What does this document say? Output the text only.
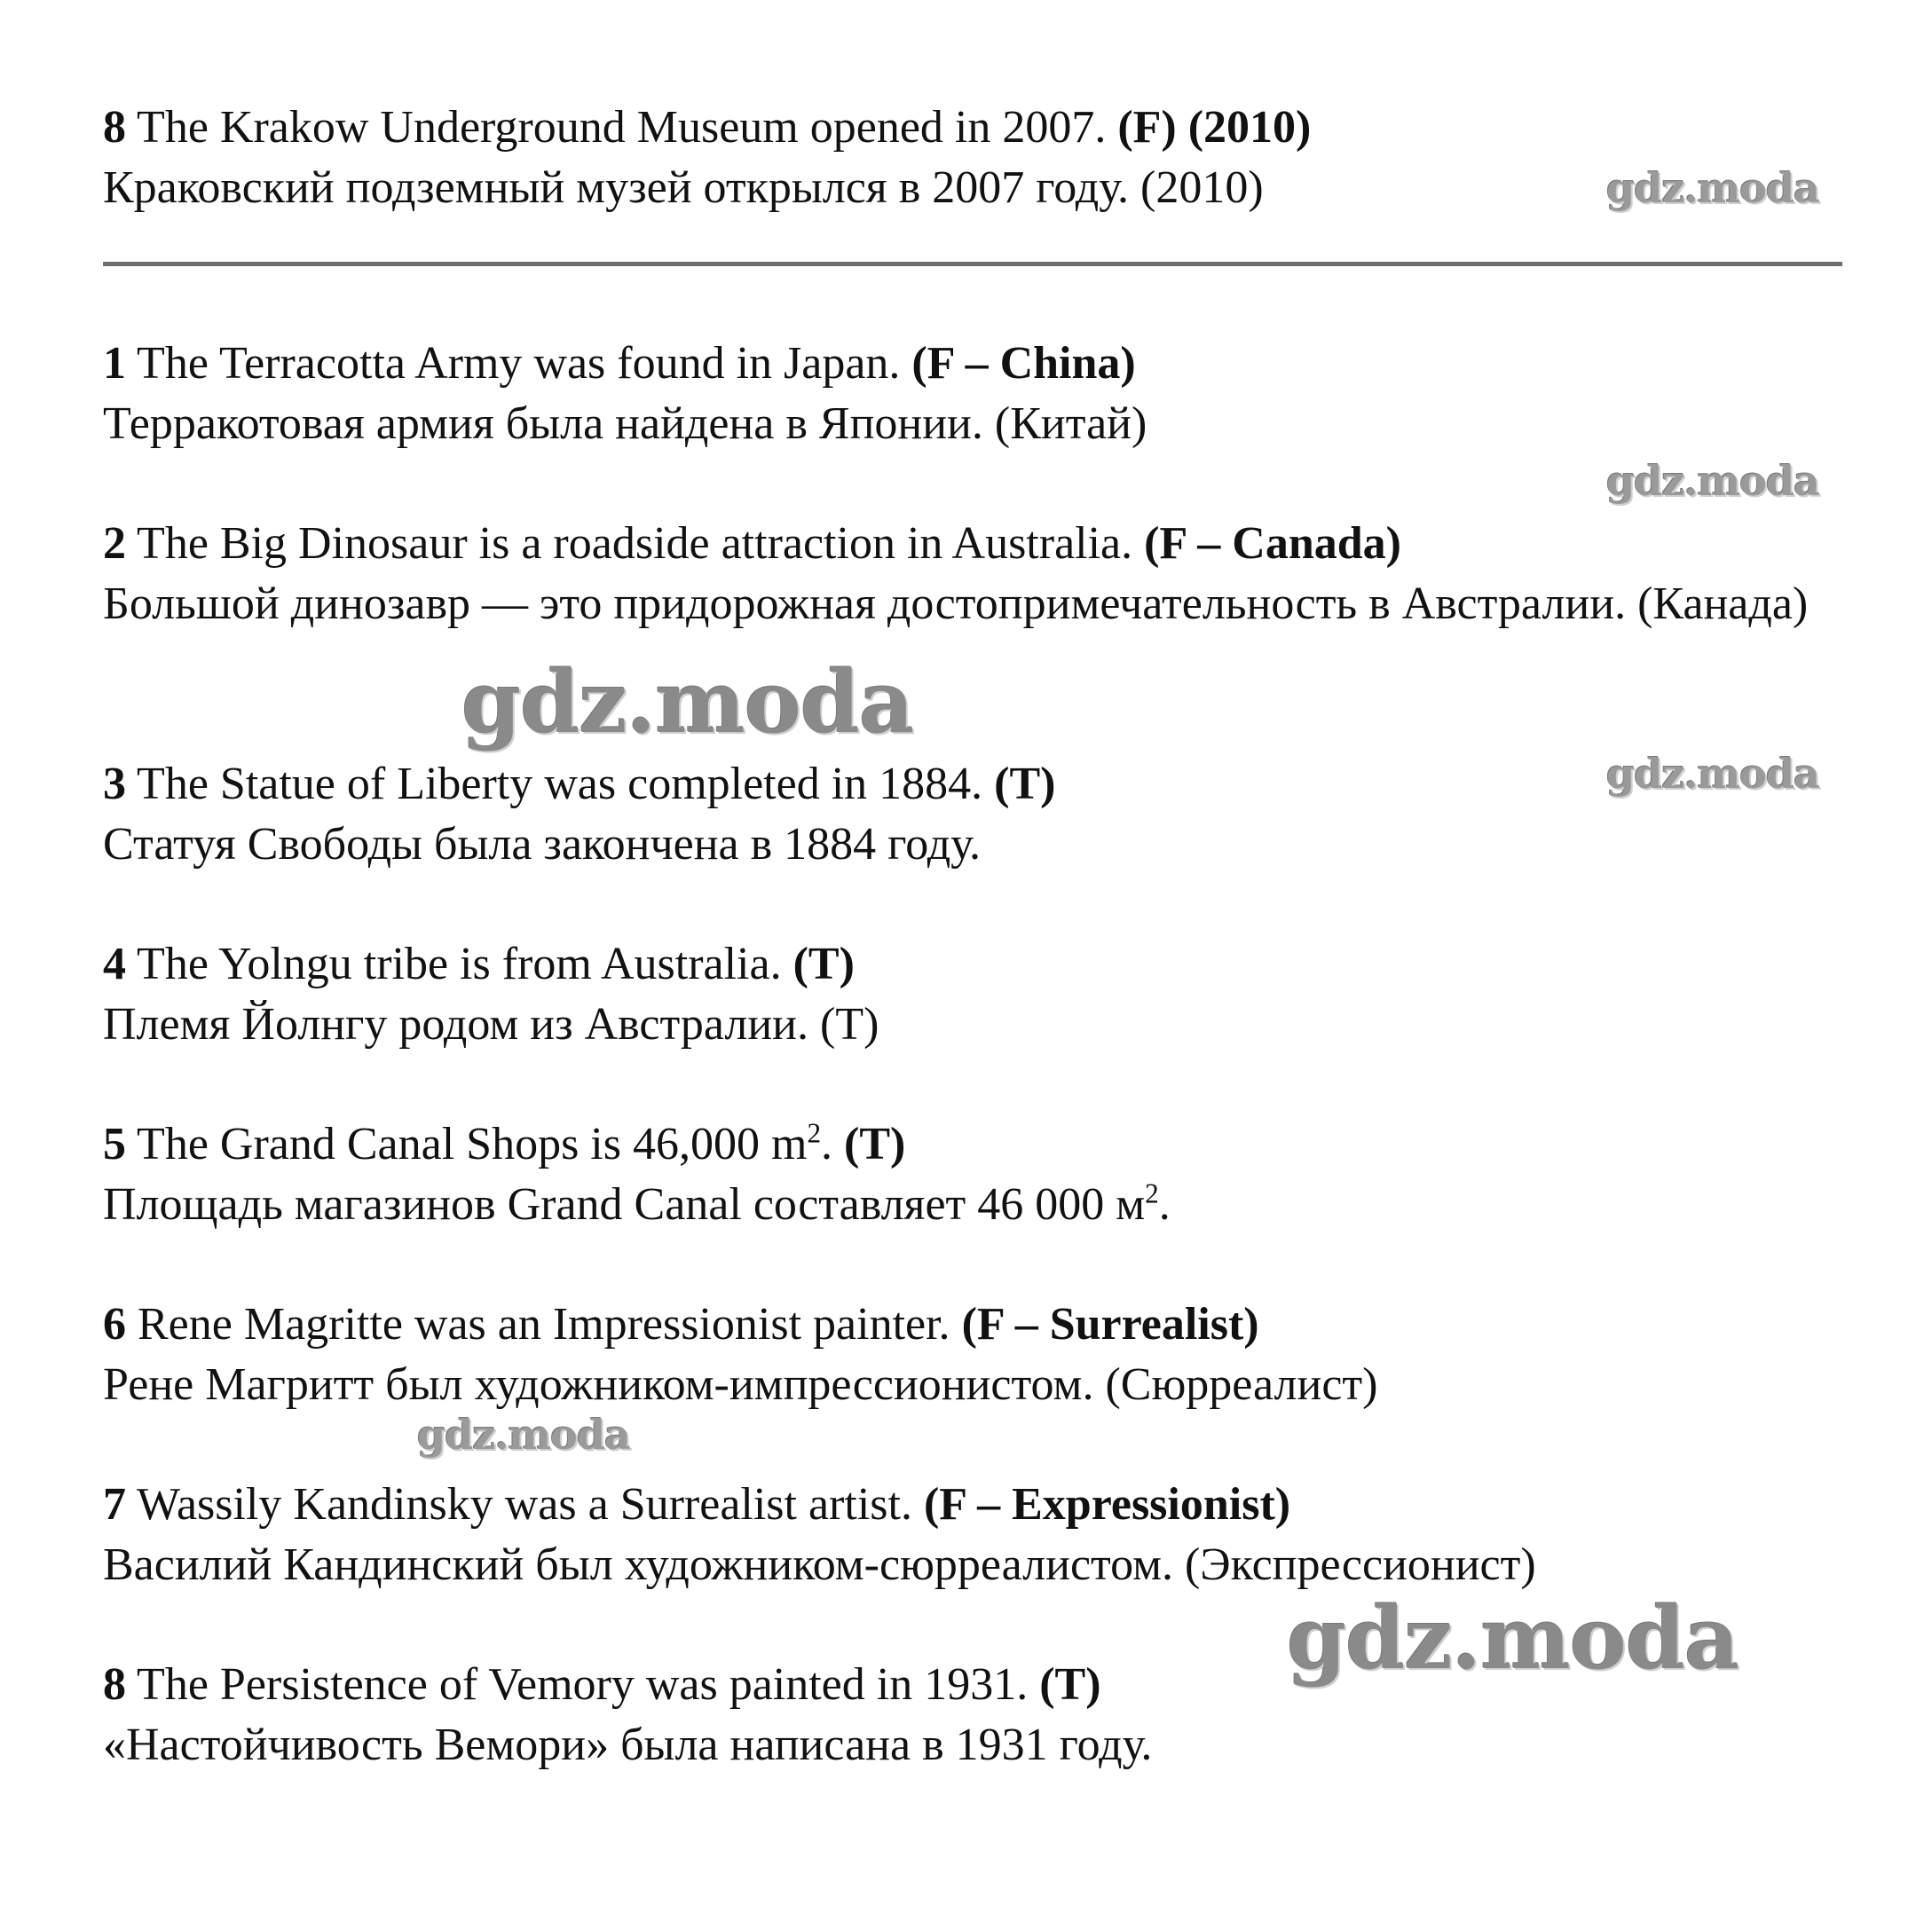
8 The Krakow Underground Museum opened in 2007. (F) (2010)
Краковский подземный музей открылся в 2007 году. (2010)
1 The Terracotta Army was found in Japan. (F – China)
Терракотовая армия была найдена в Японии. (Китай)
2 The Big Dinosaur is a roadside attraction in Australia. (F – Canada)
Большой динозавр — это придорожная достопримечательность в Австралии. (Канада)
3 The Statue of Liberty was completed in 1884. (T)
Статуя Свободы была закончена в 1884 году.
4 The Yolngu tribe is from Australia. (T)
Племя Йолнгу родом из Австралии. (Т)
5 The Grand Canal Shops is 46,000 $m^2$. (T)
Площадь магазинов Grand Canal составляет 46 000 $м^2$.
6 Rene Magritte was an Impressionist painter. (F – Surrealist)
Рене Магритт был художником-импрессионистом. (Сюрреалист)
7 Wassily Kandinsky was a Surrealist artist. (F – Expressionist)
Василий Кандинский был художником-сюрреалистом. (Экспрессионист)
8 The Persistence of Vemory was painted in 1931. (T)
«Настойчивость Вемори» была написана в 1931 году.
gdz.moda
gdz.moda
gdz.moda
gdz.moda
gdz.moda
gdz.moda
